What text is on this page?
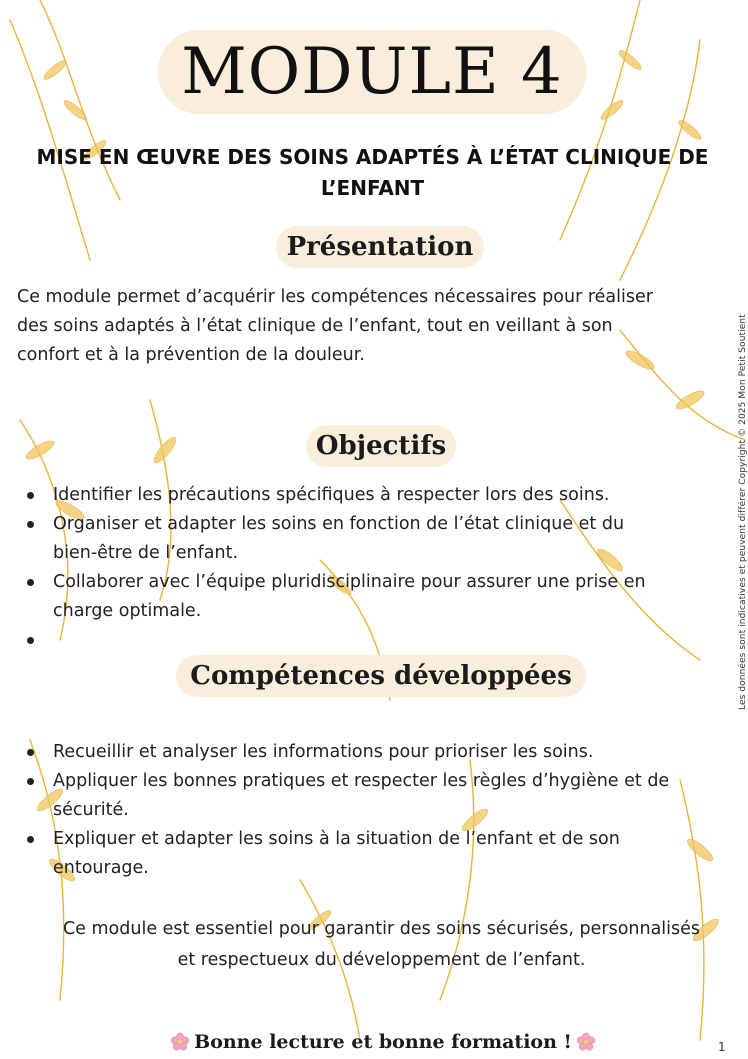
MODULE 4
MISE EN ŒUVRE DES SOINS ADAPTÉS À L’ÉTAT CLINIQUE DE
L’ENFANT
Présentation
Ce module permet d’acquérir les compétences nécessaires pour réaliser
des soins adaptés à l’état clinique de l’enfant, tout en veillant à son
confort et à la prévention de la douleur.
Objectifs
Identifier les précautions spécifiques à respecter lors des soins.
Organiser et adapter les soins en fonction de l’état clinique et du
bien-être de l’enfant.
Collaborer avec l’équipe pluridisciplinaire pour assurer une prise en
charge optimale.
Compétences développées
Recueillir et analyser les informations pour prioriser les soins.
Appliquer les bonnes pratiques et respecter les règles d’hygiène et de
sécurité.
Expliquer et adapter les soins à la situation de l’enfant et de son
entourage.
Ce module est essentiel pour garantir des soins sécurisés, personnalisés
et respectueux du développement de l’enfant.
Bonne lecture et bonne formation !	1
Les données sont indicatives et peuvent différer Copyright © 2025 Mon Petit Soutient
